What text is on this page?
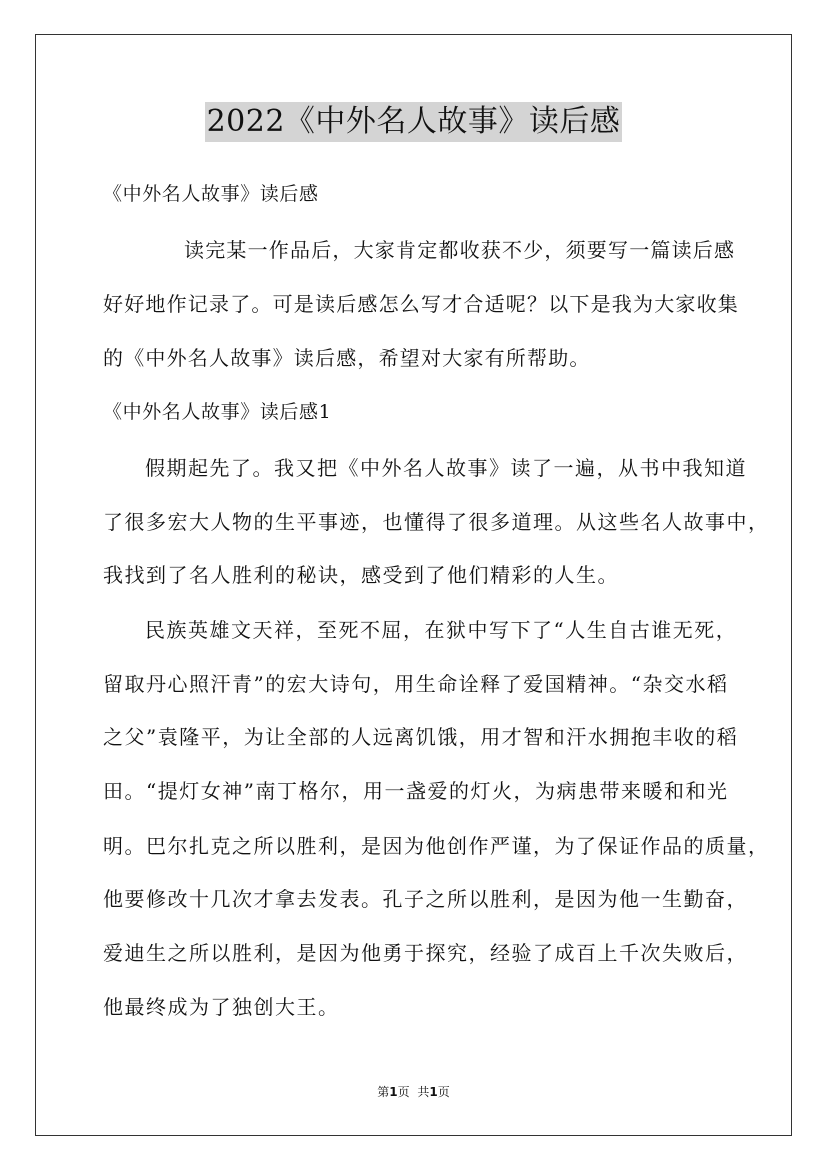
2022《中外名人故事》读后感
《中外名人故事》读后感
读完某一作品后，大家肯定都收获不少，须要写一篇读后感
好好地作记录了。可是读后感怎么写才合适呢？以下是我为大家收集
的《中外名人故事》读后感，希望对大家有所帮助。
《中外名人故事》读后感1
假期起先了。我又把《中外名人故事》读了一遍，从书中我知道
了很多宏大人物的生平事迹，也懂得了很多道理。从这些名人故事中，
我找到了名人胜利的秘诀，感受到了他们精彩的人生。
民族英雄文天祥，至死不屈，在狱中写下了“人生自古谁无死，
留取丹心照汗青”的宏大诗句，用生命诠释了爱国精神。“杂交水稻
之父”袁隆平，为让全部的人远离饥饿，用才智和汗水拥抱丰收的稻
田。“提灯女神”南丁格尔，用一盏爱的灯火，为病患带来暖和和光
明。巴尔扎克之所以胜利，是因为他创作严谨，为了保证作品的质量，
他要修改十几次才拿去发表。孔子之所以胜利，是因为他一生勤奋，
爱迪生之所以胜利，是因为他勇于探究，经验了成百上千次失败后，
他最终成为了独创大王。
第1页 共1页
